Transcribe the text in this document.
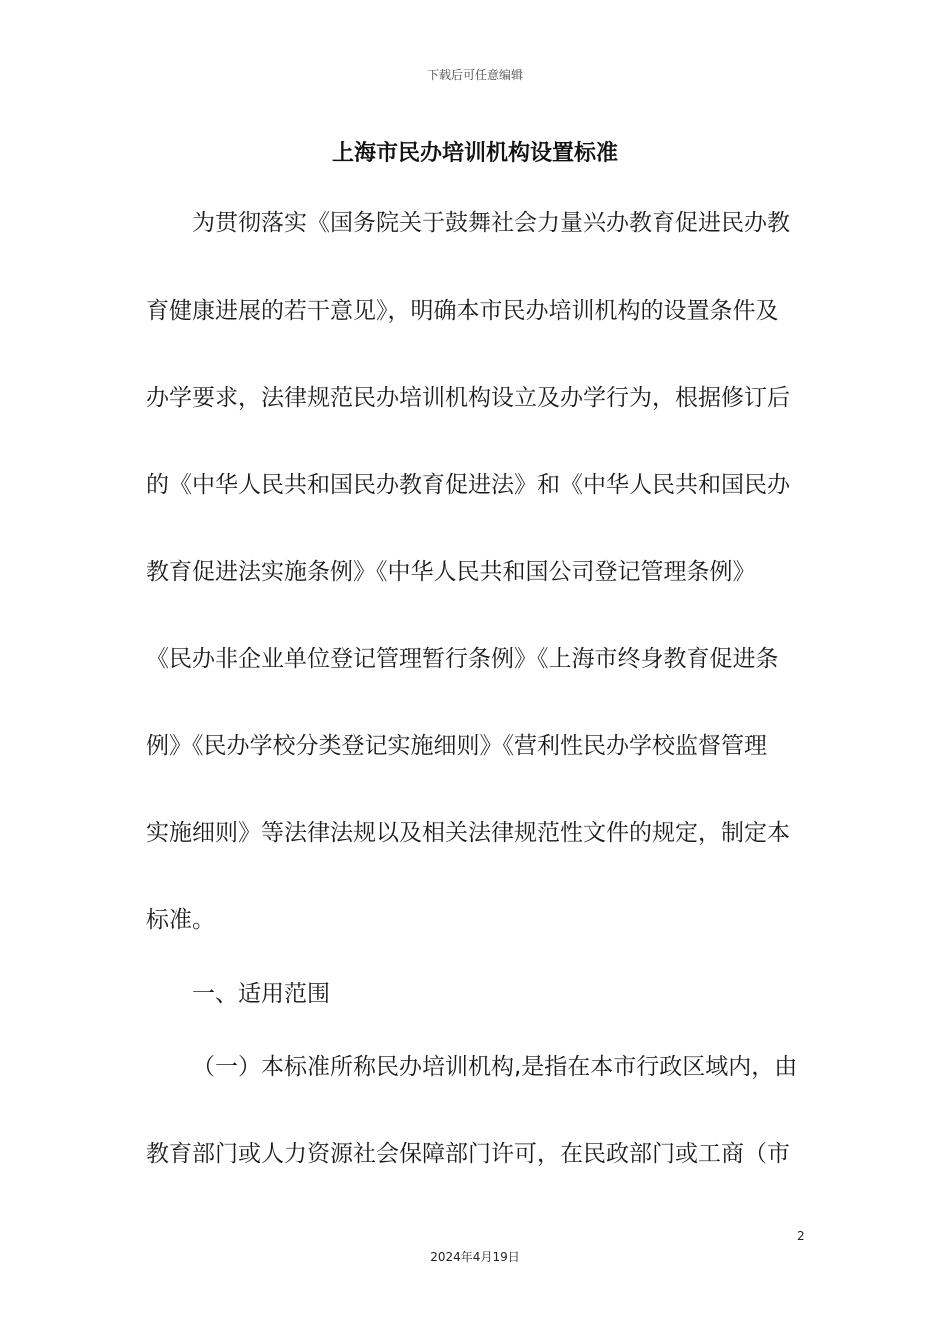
下载后可任意编辑
上海市民办培训机构设置标准
为贯彻落实《国务院关于鼓舞社会力量兴办教育促进民办教
育健康进展的若干意见》，明确本市民办培训机构的设置条件及
办学要求，法律规范民办培训机构设立及办学行为，根据修订后
的《中华人民共和国民办教育促进法》和《中华人民共和国民办
教育促进法实施条例》《中华人民共和国公司登记管理条例》
《民办非企业单位登记管理暂行条例》《上海市终身教育促进条
例》《民办学校分类登记实施细则》《营利性民办学校监督管理
实施细则》等法律法规以及相关法律规范性文件的规定，制定本
标准。
一、适用范围
（一）本标准所称民办培训机构,是指在本市行政区域内，由
教育部门或人力资源社会保障部门许可，在民政部门或工商（市
2
2024年4月19日
